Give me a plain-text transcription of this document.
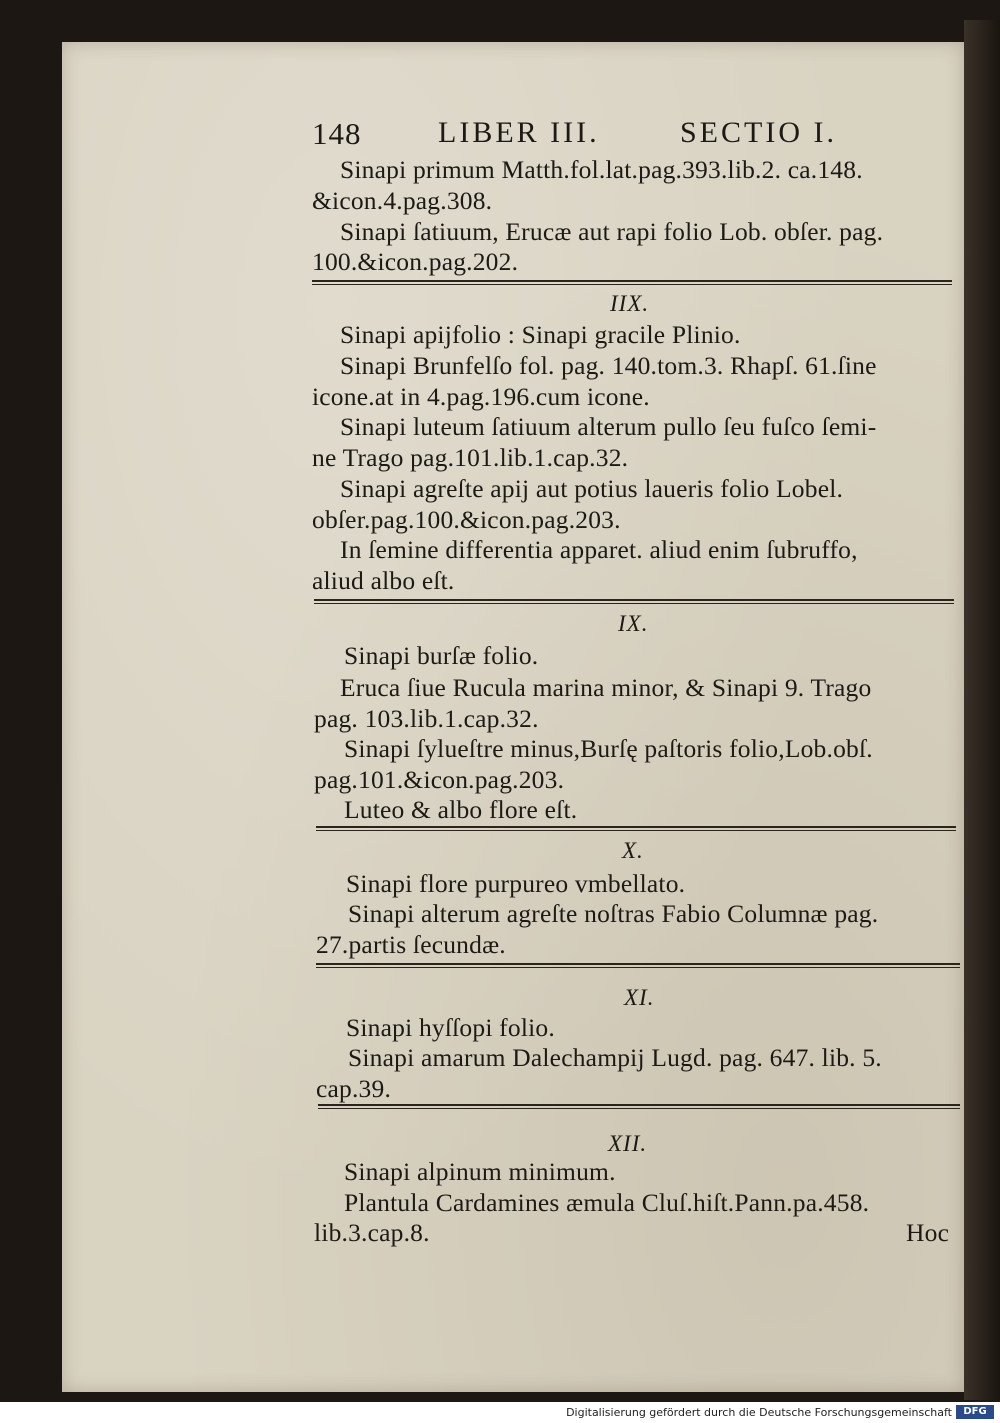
148	LIBER III.	SECTIO I.
Sinapi primum Matth.fol.lat.pag.393.lib.2. ca.148.
&icon.4.pag.308.
Sinapi ſatiuum, Erucæ aut rapi folio Lob. obſer. pag.
100.&icon.pag.202.
IIX.
Sinapi apijfolio : Sinapi gracile Plinio.
Sinapi Brunfelſo fol. pag. 140.tom.3. Rhapſ. 61.ſine
icone.at in 4.pag.196.cum icone.
Sinapi luteum ſatiuum alterum pullo ſeu fuſco ſemi-
ne Trago pag.101.lib.1.cap.32.
Sinapi agreſte apij aut potius laueris folio Lobel.
obſer.pag.100.&icon.pag.203.
In ſemine differentia apparet. aliud enim ſubruffo,
aliud albo eſt.
IX.
Sinapi burſæ folio.
Eruca ſiue Rucula marina minor, & Sinapi 9. Trago
pag. 103.lib.1.cap.32.
Sinapi ſylueſtre minus,Burſę paſtoris folio,Lob.obſ.
pag.101.&icon.pag.203.
Luteo & albo flore eſt.
X.
Sinapi flore purpureo vmbellato.
Sinapi alterum agreſte noſtras Fabio Columnæ pag.
27.partis ſecundæ.
XI.
Sinapi hyſſopi folio.
Sinapi amarum Dalechampij Lugd. pag. 647. lib. 5.
cap.39.
XII.
Sinapi alpinum minimum.
Plantula Cardamines æmula Cluſ.hiſt.Pann.pa.458.
lib.3.cap.8.	Hoc
Digitalisierung gefördert durch die Deutsche Forschungsgemeinschaft	DFG
